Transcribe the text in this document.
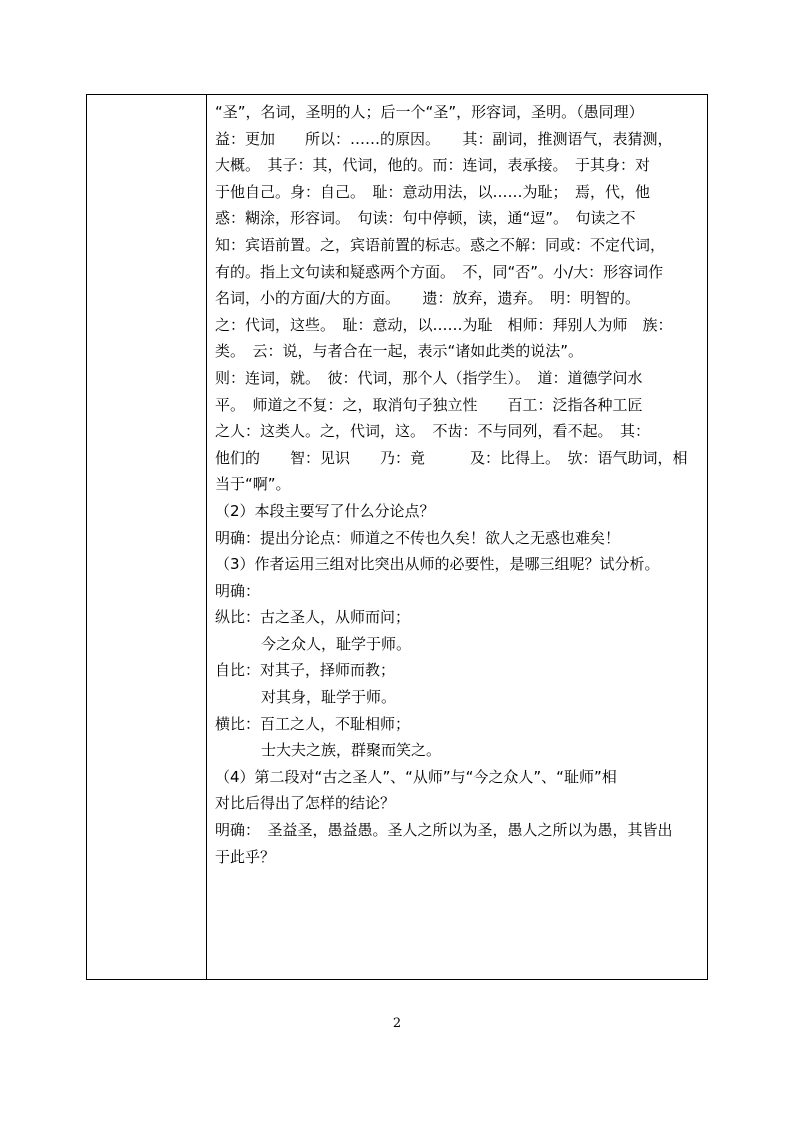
“圣”，名词，圣明的人；后一个“圣”，形容词，圣明。（愚同理）
益：更加　　所以：……的原因。　　其：副词，推测语气，表猜测，
大概。　其子：其，代词，他的。而：连词，表承接。　于其身：对
于他自己。身：自己。　耻：意动用法，以……为耻；　焉，代，他
惑：糊涂，形容词。　句读：句中停顿，读，通“逗”。　句读之不
知：宾语前置。之，宾语前置的标志。惑之不解：同或：不定代词，
有的。指上文句读和疑惑两个方面。　不，同“否”。小/大：形容词作
名词，小的方面/大的方面。　　遗：放弃，遗弃。　明：明智的。
之：代词，这些。　耻：意动，以……为耻　相师：拜别人为师　族：
类。　云：说，与者合在一起，表示“诸如此类的说法”。
则：连词，就。　彼：代词，那个人（指学生）。　道：道德学问水
平。　师道之不复：之，取消句子独立性　　百工：泛指各种工匠
之人：这类人。之，代词，这。　不齿：不与同列，看不起。　其：
他们的　　智：见识　　乃：竟　　　及：比得上。　欤：语气助词，相
当于“啊”。
（2）本段主要写了什么分论点？
明确：提出分论点：师道之不传也久矣！欲人之无惑也难矣！
（3）作者运用三组对比突出从师的必要性，是哪三组呢？试分析。
明确：
纵比：古之圣人，从师而问；
今之众人，耻学于师。
自比：对其子，择师而教；
对其身，耻学于师。
横比：百工之人，不耻相师；
士大夫之族，群聚而笑之。
（4）第二段对“古之圣人”、“从师”与“今之众人”、“耻师”相
对比后得出了怎样的结论？
明确：　圣益圣，愚益愚。圣人之所以为圣，愚人之所以为愚，其皆出
于此乎？
2
